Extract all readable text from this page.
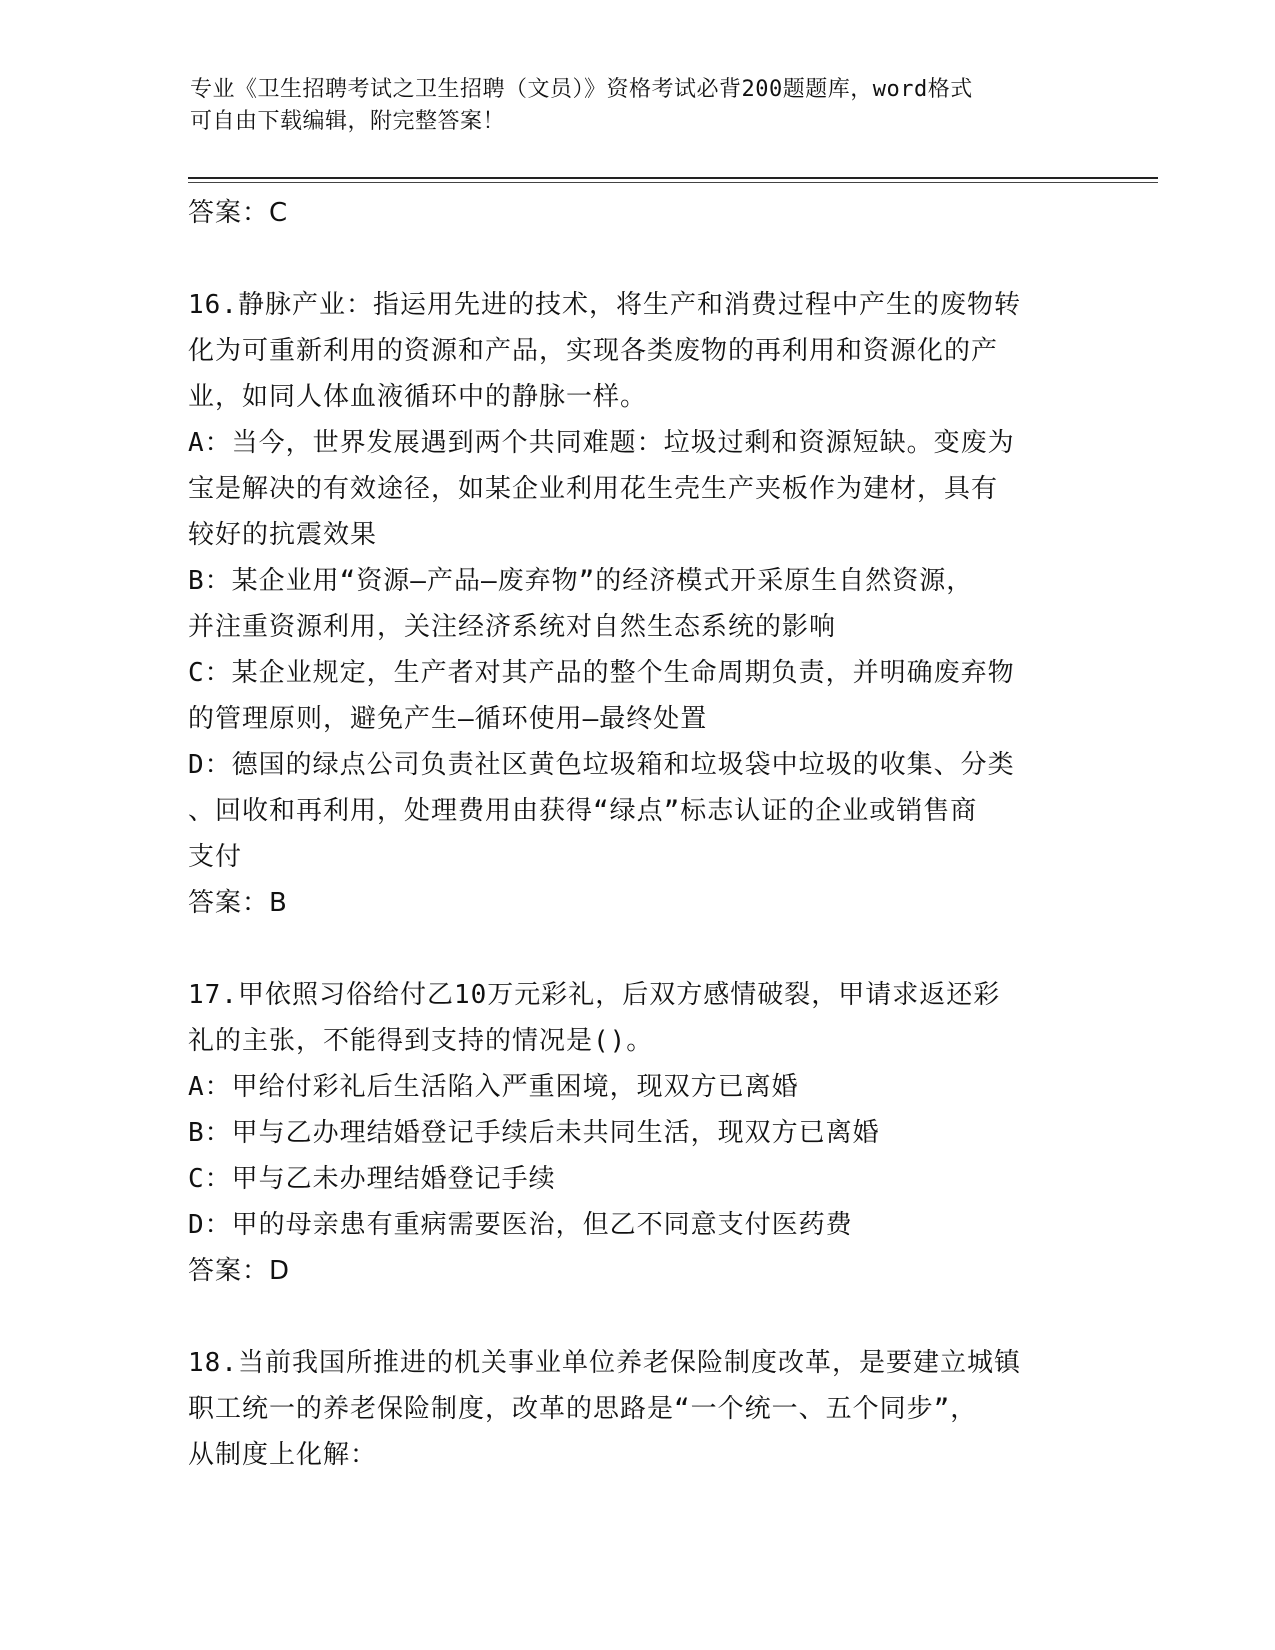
专业《卫生招聘考试之卫生招聘（文员）》资格考试必背200题题库，word格式
可自由下载编辑，附完整答案！
答案：C
16.静脉产业：指运用先进的技术，将生产和消费过程中产生的废物转
化为可重新利用的资源和产品，实现各类废物的再利用和资源化的产
业，如同人体血液循环中的静脉一样。
A：当今，世界发展遇到两个共同难题：垃圾过剩和资源短缺。变废为
宝是解决的有效途径，如某企业利用花生壳生产夹板作为建材，具有
较好的抗震效果
B：某企业用“资源—产品—废弃物”的经济模式开采原生自然资源，
并注重资源利用，关注经济系统对自然生态系统的影响
C：某企业规定，生产者对其产品的整个生命周期负责，并明确废弃物
的管理原则，避免产生—循环使用—最终处置
D：德国的绿点公司负责社区黄色垃圾箱和垃圾袋中垃圾的收集、分类
、回收和再利用，处理费用由获得“绿点”标志认证的企业或销售商
支付
答案：B
17.甲依照习俗给付乙10万元彩礼，后双方感情破裂，甲请求返还彩
礼的主张，不能得到支持的情况是()。
A：甲给付彩礼后生活陷入严重困境，现双方已离婚
B：甲与乙办理结婚登记手续后未共同生活，现双方已离婚
C：甲与乙未办理结婚登记手续
D：甲的母亲患有重病需要医治，但乙不同意支付医药费
答案：D
18.当前我国所推进的机关事业单位养老保险制度改革，是要建立城镇
职工统一的养老保险制度，改革的思路是“一个统一、五个同步”，
从制度上化解：
